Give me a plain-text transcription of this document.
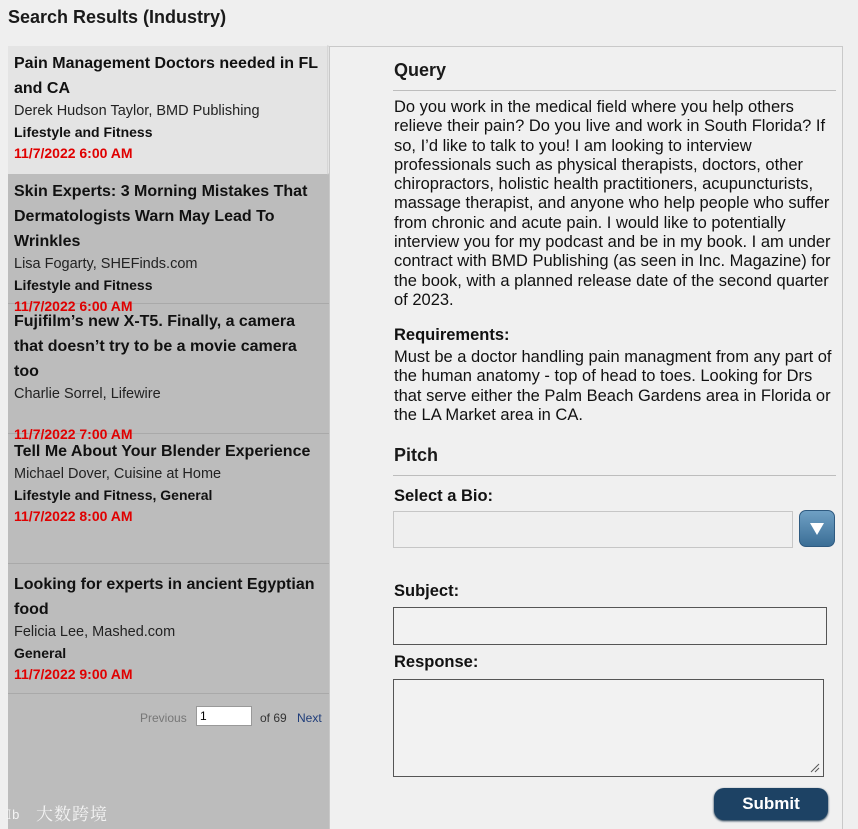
Search Results (Industry)
Pain Management Doctors needed in FL and CA
Derek Hudson Taylor, BMD Publishing
Lifestyle and Fitness
11/7/2022 6:00 AM
Skin Experts: 3 Morning Mistakes That Dermatologists Warn May Lead To Wrinkles
Lisa Fogarty, SHEFinds.com
Lifestyle and Fitness
11/7/2022 6:00 AM
Fujifilm’s new X-T5. Finally, a camera that doesn’t try to be a movie camera too
Charlie Sorrel, Lifewire
11/7/2022 7:00 AM
Tell Me About Your Blender Experience
Michael Dover, Cuisine at Home
Lifestyle and Fitness, General
11/7/2022 8:00 AM
Looking for experts in ancient Egyptian food
Felicia Lee, Mashed.com
General
11/7/2022 9:00 AM
Previous
1	of 69 Next
𝕀b 大数跨境
Query
Do you work in the medical field where you help others relieve their pain? Do you live and work in South Florida? If so, I’d like to talk to you! I am looking to interview professionals such as physical therapists, doctors, other chiropractors, holistic health practitioners, acupuncturists, massage therapist, and anyone who help people who suffer from chronic and acute pain. I would like to potentially interview you for my podcast and be in my book. I am under contract with BMD Publishing (as seen in Inc. Magazine) for the book, with a planned release date of the second quarter of 2023.
Requirements:
Must be a doctor handling pain managment from any part of the human anatomy - top of head to toes. Looking for Drs that serve either the Palm Beach Gardens area in Florida or the LA Market area in CA.
Pitch
Select a Bio:
Subject:
Response:
Submit
